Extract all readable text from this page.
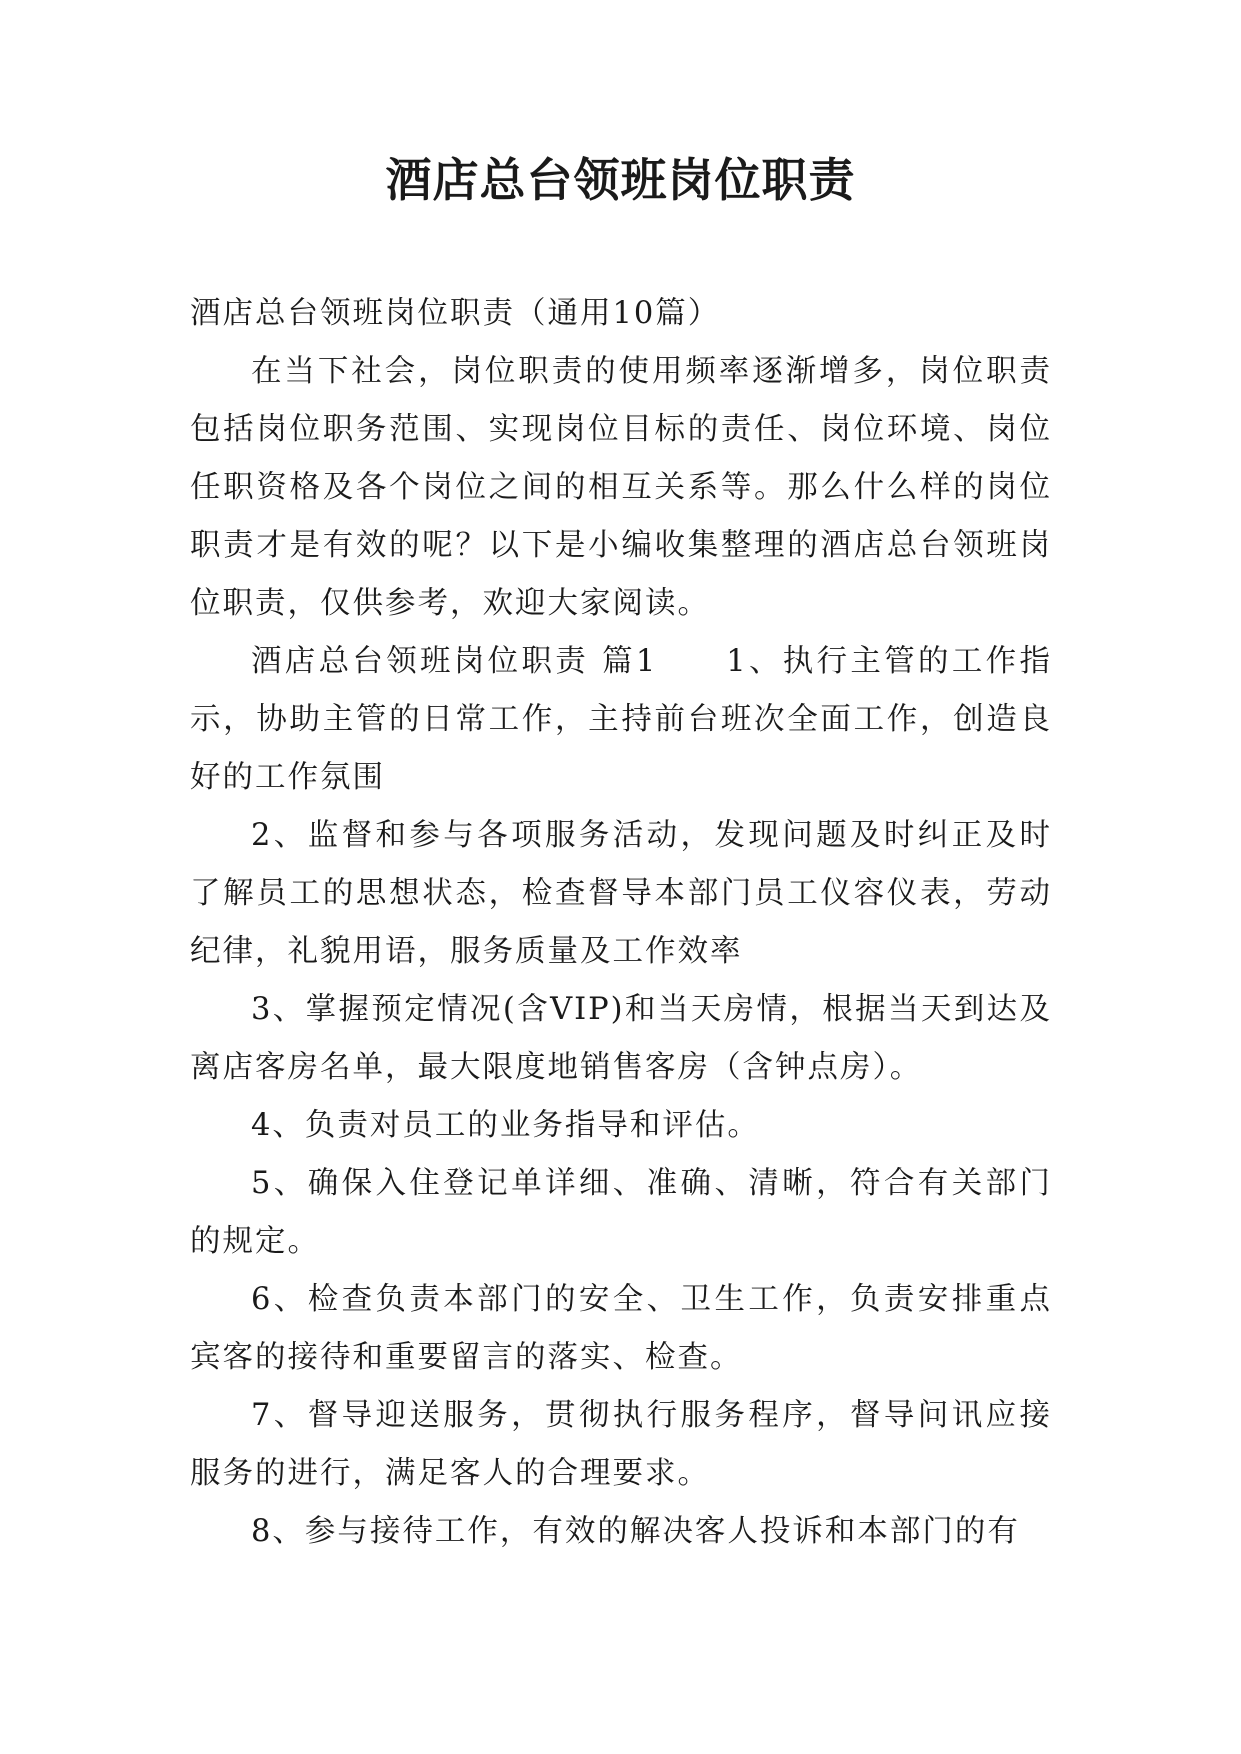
酒店总台领班岗位职责

酒店总台领班岗位职责（通用10篇）

在当下社会，岗位职责的使用频率逐渐增多，岗位职责包括岗位职务范围、实现岗位目标的责任、岗位环境、岗位任职资格及各个岗位之间的相互关系等。那么什么样的岗位职责才是有效的呢？以下是小编收集整理的酒店总台领班岗位职责，仅供参考，欢迎大家阅读。

酒店总台领班岗位职责 篇1　　1、执行主管的工作指示，协助主管的日常工作，主持前台班次全面工作，创造良好的工作氛围

2、监督和参与各项服务活动，发现问题及时纠正及时了解员工的思想状态，检查督导本部门员工仪容仪表，劳动纪律，礼貌用语，服务质量及工作效率

3、掌握预定情况(含VIP)和当天房情，根据当天到达及离店客房名单，最大限度地销售客房（含钟点房）。

4、负责对员工的业务指导和评估。

5、确保入住登记单详细、准确、清晰，符合有关部门的规定。

6、检查负责本部门的安全、卫生工作，负责安排重点宾客的接待和重要留言的落实、检查。

7、督导迎送服务，贯彻执行服务程序，督导问讯应接服务的进行，满足客人的合理要求。

8、参与接待工作，有效的解决客人投诉和本部门的有
